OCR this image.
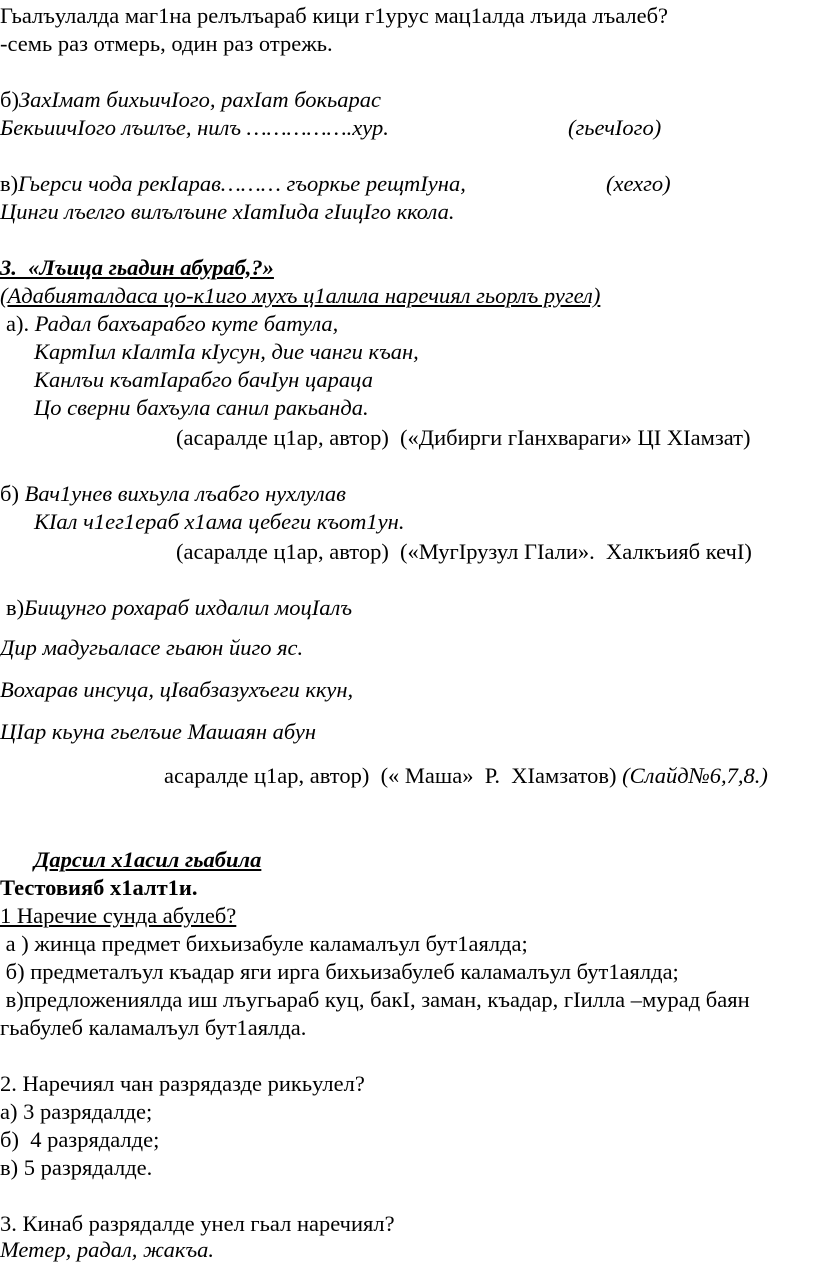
Гьалъулалда маг1на релълъараб кици г1урус мац1алда лъида лъалеб?
-семь раз отмерь, один раз отрежь.
б)ЗахIмат бихьичIого, рахIат бокьарас
БекьиичIого лъилъе, нилъ …………….хур.	(гьечIого)
в)Гьерси чода рекIарав……… гъоркье рещтIуна,	(хехго)
Цинги лъелго вилълъине хIатIида гIицIго ккола.
3.  «Лъица гьадин абураб,?»
(Адабияталдаса цо-к1иго мухъ ц1алила наречиял гьорлъ ругел)
а). Радал бахъарабго куте батула,
КартIил кIалтIа кIусун, дие чанги къан,
Канлъи къатIарабго бачIун цараца
Цо сверни бахъула санил ракьанда.
(асаралде ц1ар, автор)  («Дибирги гIанхвараги» ЦI ХIамзат)
б) Вач1унев вихьула лъабго нухлулав
КIал ч1ег1ераб х1ама цебеги къот1ун.
(асаралде ц1ар, автор)  («МугIрузул ГIали».  Халкъияб кечI)
в)Бищунго рохараб ихдалил моцIалъ
Дир мадугьаласе гьаюн йиго яс.
Вохарав инсуца, цIвабзазухъеги ккун,
ЦIар кьуна гьелъие Машаян абун
асаралде ц1ар, автор)  (« Маша»  Р.  ХIамзатов) (Слайд№6,7,8.)
Дарсил х1асил гьабила
Тестовияб х1алт1и.
1 Наречие сунда абулеб?
а ) жинца предмет бихьизабуле каламалъул бут1аялда;
б) предметалъул къадар яги ирга бихьизабулеб каламалъул бут1аялда;
в)предложениялда иш лъугьараб куц, бакI, заман, къадар, гIилла –мурад баян
гьабулеб каламалъул бут1аялда.
2. Наречиял чан разрядазде рикьулел?
а) 3 разрядалде;
б)  4 разрядалде;
в) 5 разрядалде.
3. Кинаб разрядалде унел гьал наречиял?
Метер, радал, жакъа.
